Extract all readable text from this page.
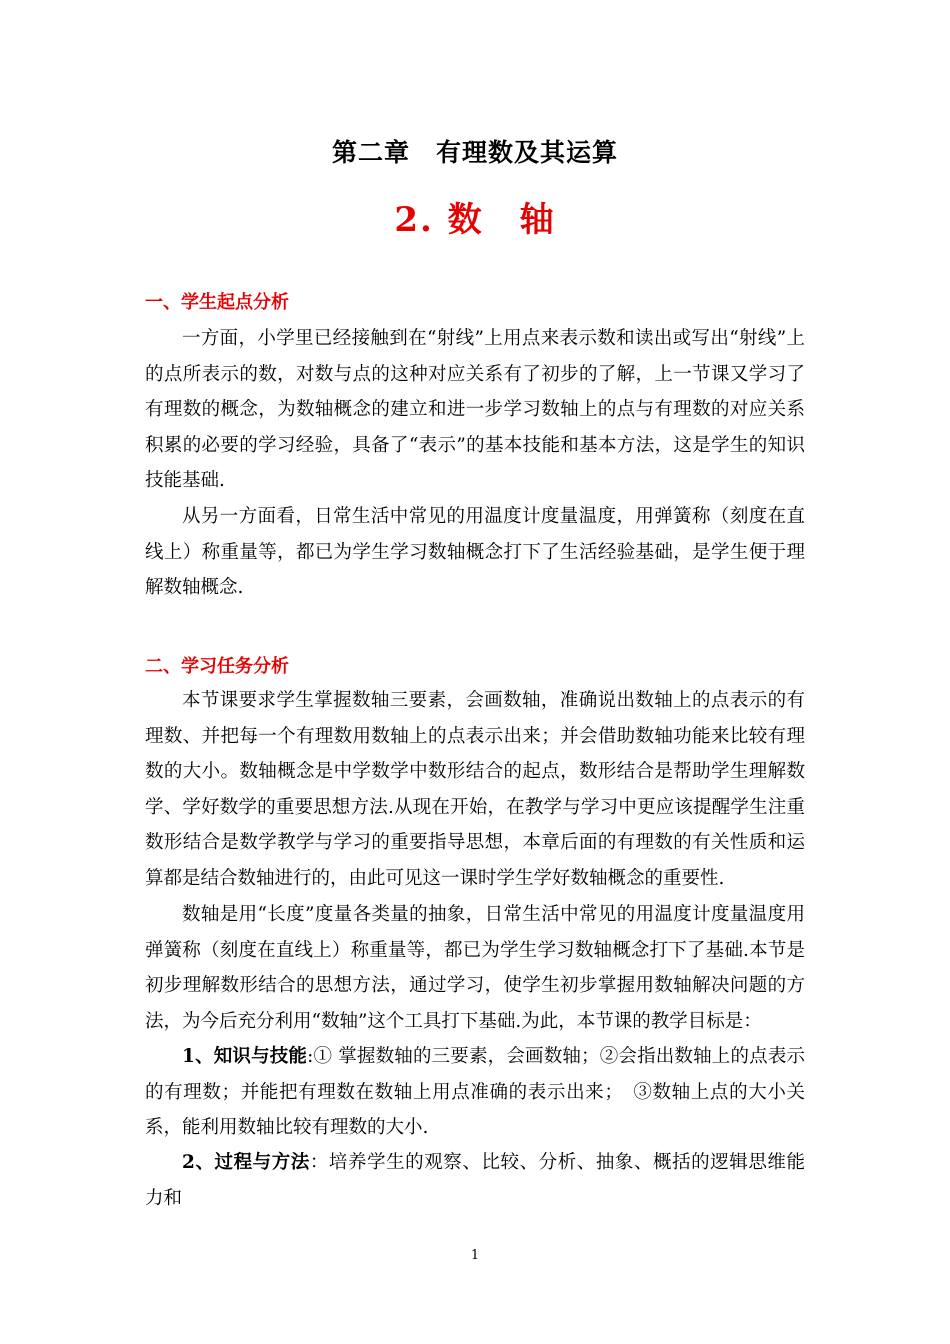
第二章　有理数及其运算
2. 数　轴
一、学生起点分析

一方面，小学里已经接触到在“射线”上用点来表示数和读出或写出“射线”上的点所表示的数，对数与点的这种对应关系有了初步的了解，上一节课又学习了有理数的概念，为数轴概念的建立和进一步学习数轴上的点与有理数的对应关系积累的必要的学习经验，具备了“表示”的基本技能和基本方法，这是学生的知识技能基础.

从另一方面看，日常生活中常见的用温度计度量温度，用弹簧称（刻度在直线上）称重量等，都已为学生学习数轴概念打下了生活经验基础，是学生便于理解数轴概念.

二、学习任务分析

本节课要求学生掌握数轴三要素，会画数轴，准确说出数轴上的点表示的有理数、并把每一个有理数用数轴上的点表示出来；并会借助数轴功能来比较有理数的大小。数轴概念是中学数学中数形结合的起点，数形结合是帮助学生理解数学、学好数学的重要思想方法.从现在开始，在教学与学习中更应该提醒学生注重数形结合是数学教学与学习的重要指导思想，本章后面的有理数的有关性质和运算都是结合数轴进行的，由此可见这一课时学生学好数轴概念的重要性.

数轴是用“长度”度量各类量的抽象，日常生活中常见的用温度计度量温度用弹簧称（刻度在直线上）称重量等，都已为学生学习数轴概念打下了基础.本节是初步理解数形结合的思想方法，通过学习，使学生初步掌握用数轴解决问题的方法，为今后充分利用“数轴”这个工具打下基础.为此，本节课的教学目标是：

1、知识与技能:① 掌握数轴的三要素，会画数轴；②会指出数轴上的点表示的有理数；并能把有理数在数轴上用点准确的表示出来；　③数轴上点的大小关系，能利用数轴比较有理数的大小.

2、过程与方法：培养学生的观察、比较、分析、抽象、概括的逻辑思维能力和

1
